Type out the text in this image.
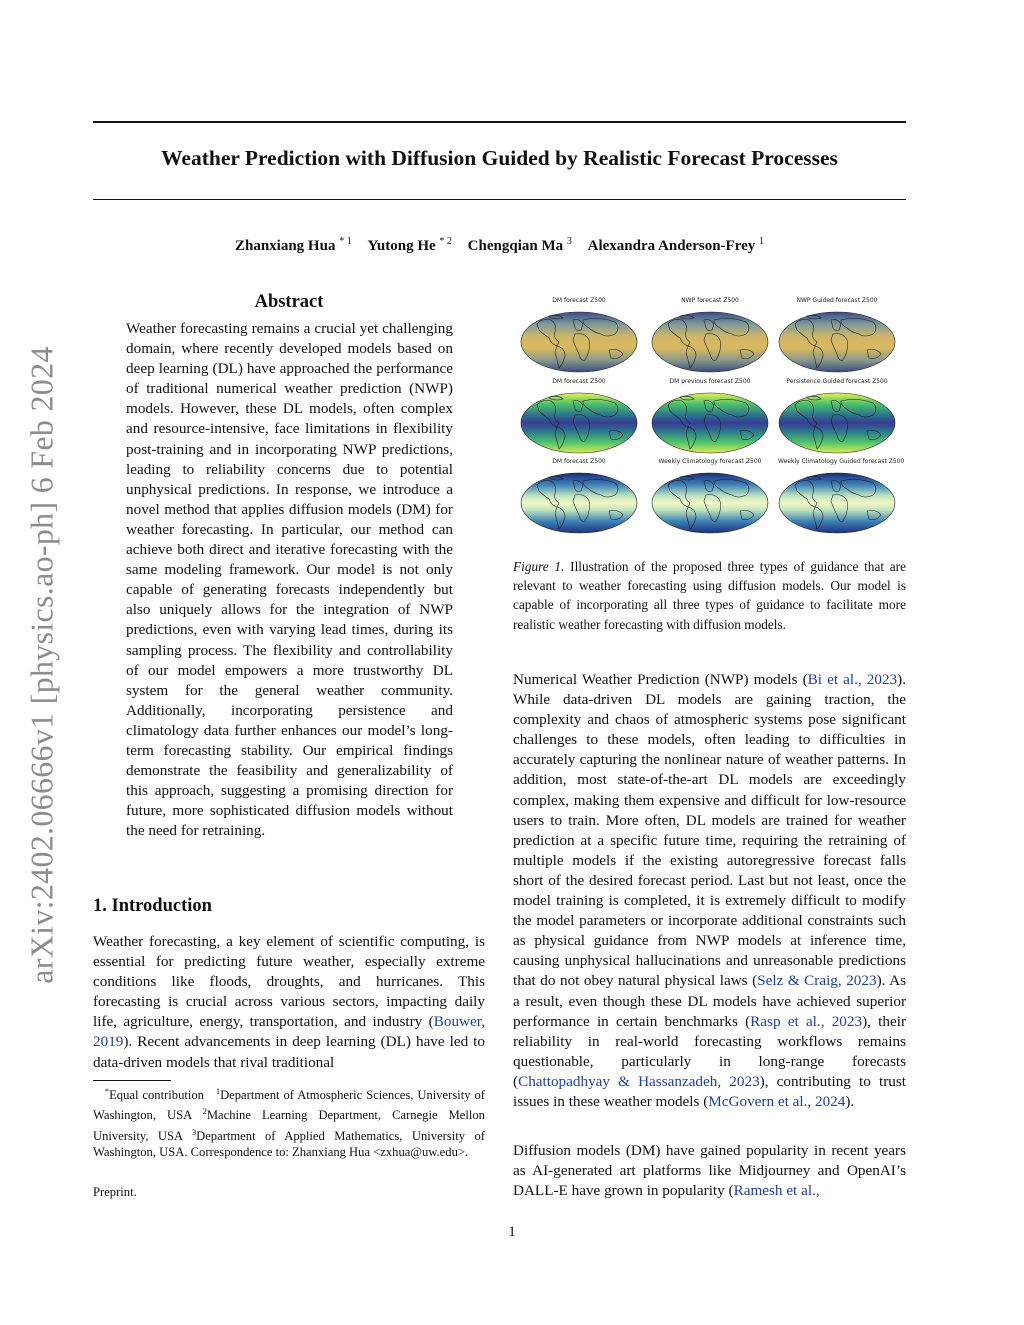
arXiv:2402.06666v1 [physics.ao-ph] 6 Feb 2024
Weather Prediction with Diffusion Guided by Realistic Forecast Processes
Zhanxiang Hua $^{* 1}$ Yutong He $^{* 2}$ Chengqian Ma $^3$ Alexandra Anderson-Frey $^1$
Abstract

Weather forecasting remains a crucial yet challenging domain, where recently developed models based on deep learning (DL) have approached the performance of traditional numerical weather prediction (NWP) models. However, these DL models, often complex and resource-intensive, face limitations in flexibility post-training and in incorporating NWP predictions, leading to reliability concerns due to potential unphysical predictions. In response, we introduce a novel method that applies diffusion models (DM) for weather forecasting. In particular, our method can achieve both direct and iterative forecasting with the same modeling framework. Our model is not only capable of generating forecasts independently but also uniquely allows for the integration of NWP predictions, even with varying lead times, during its sampling process. The flexibility and controllability of our model empowers a more trustworthy DL system for the general weather community. Additionally, incorporating persistence and climatology data further enhances our model’s long-term forecasting stability. Our empirical findings demonstrate the feasibility and generalizability of this approach, suggesting a promising direction for future, more sophisticated diffusion models without the need for retraining.

1. Introduction

Weather forecasting, a key element of scientific computing, is essential for predicting future weather, especially extreme conditions like floods, droughts, and hurricanes. This forecasting is crucial across various sectors, impacting daily life, agriculture, energy, transportation, and industry (Bouwer, 2019). Recent advancements in deep learning (DL) have led to data-driven models that rival traditional

*Equal contribution $^1$Department of Atmospheric Sciences, University of Washington, USA $^2$Machine Learning Department, Carnegie Mellon University, USA $^3$Department of Applied Mathematics, University of Washington, USA. Correspondence to: Zhanxiang Hua <zxhua@uw.edu>.

Preprint.
DM forecast Z500	NWP forecast Z500	NWP Guided forecast Z500
DM forecast Z500	DM previous forecast Z500	Persistence Guided forecast Z500
DM forecast Z500	Weekly Climatology forecast Z500	Weekly Climatology Guided forecast Z500

Figure 1. Illustration of the proposed three types of guidance that are relevant to weather forecasting using diffusion models. Our model is capable of incorporating all three types of guidance to facilitate more realistic weather forecasting with diffusion models.

Numerical Weather Prediction (NWP) models (Bi et al., 2023). While data-driven DL models are gaining traction, the complexity and chaos of atmospheric systems pose significant challenges to these models, often leading to difficulties in accurately capturing the nonlinear nature of weather patterns. In addition, most state-of-the-art DL models are exceedingly complex, making them expensive and difficult for low-resource users to train. More often, DL models are trained for weather prediction at a specific future time, requiring the retraining of multiple models if the existing autoregressive forecast falls short of the desired forecast period. Last but not least, once the model training is completed, it is extremely difficult to modify the model parameters or incorporate additional constraints such as physical guidance from NWP models at inference time, causing unphysical hallucinations and unreasonable predictions that do not obey natural physical laws (Selz & Craig, 2023). As a result, even though these DL models have achieved superior performance in certain benchmarks (Rasp et al., 2023), their reliability in real-world forecasting workflows remains questionable, particularly in long-range forecasts (Chattopadhyay & Hassanzadeh, 2023), contributing to trust issues in these weather models (McGovern et al., 2024).

Diffusion models (DM) have gained popularity in recent years as AI-generated art platforms like Midjourney and OpenAI’s DALL-E have grown in popularity (Ramesh et al.,

1
